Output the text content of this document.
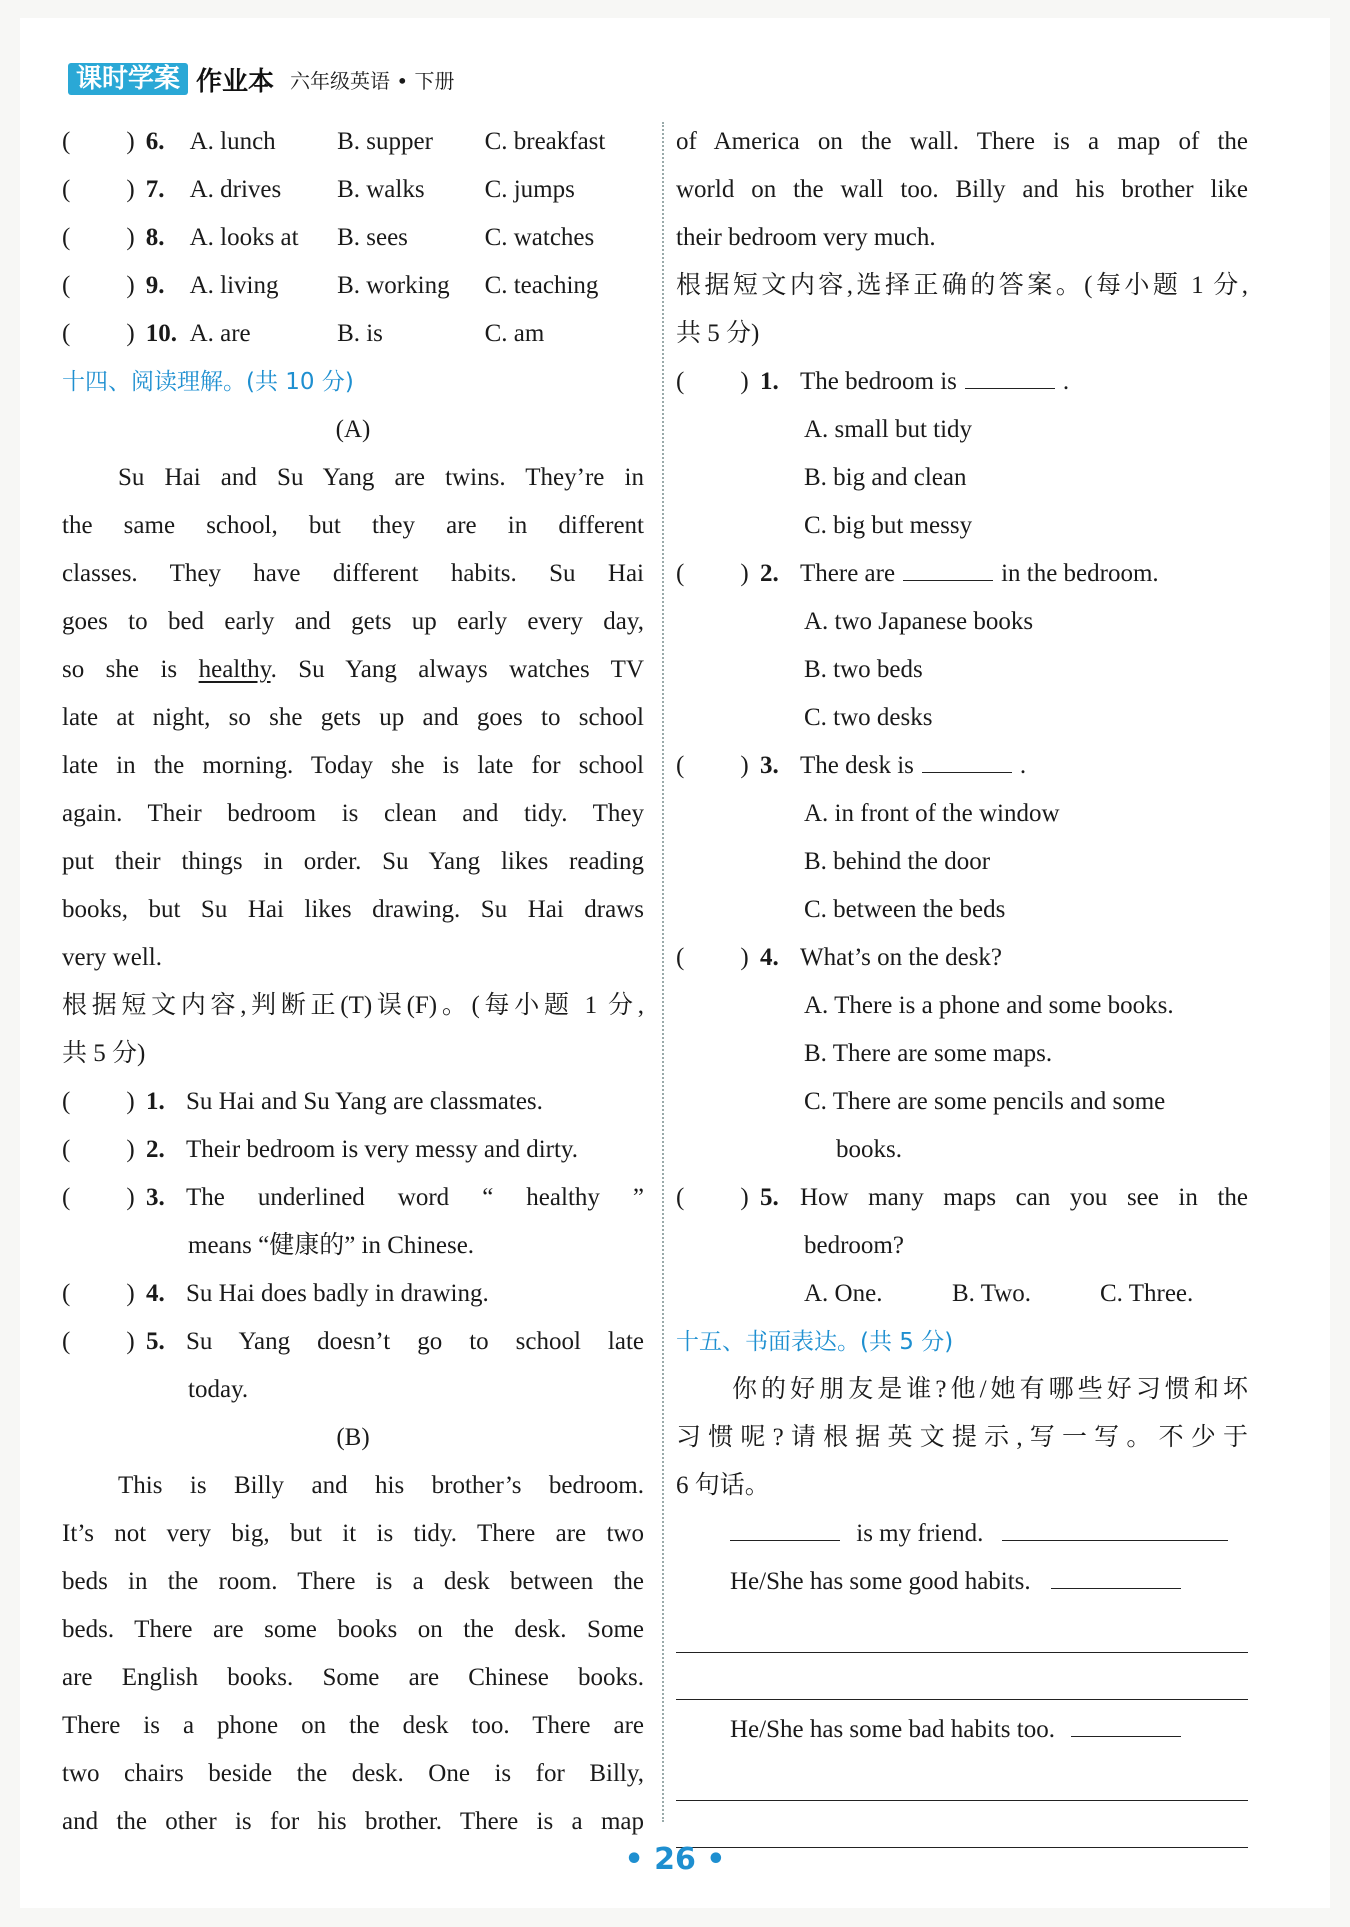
课时学案 作业本 六年级英语 • 下册
( ) 6.	A. lunch	B. supper	C. breakfast
( ) 7.	A. drives	B. walks	C. jumps
( ) 8.	A. looks at	B. sees	C. watches
( ) 9.	A. living	B. working	C. teaching
( ) 10. A. are	B. is	C. am
十四、阅读理解。(共 10 分)
(A)
Su Hai and Su Yang are twins. They’re in
the same school, but they are in different
classes. They have different habits. Su Hai
goes to bed early and gets up early every day,
so she is healthy. Su Yang always watches TV
late at night, so she gets up and goes to school
late in the morning. Today she is late for school
again. Their bedroom is clean and tidy. They
put their things in order. Su Yang likes reading
books, but Su Hai likes drawing. Su Hai draws
very well.
根据短文内容,判断正(T)误(F)。(每小题 1 分,
共 5 分)
( ) 1. Su Hai and Su Yang are classmates.
( ) 2. Their bedroom is very messy and dirty.
( ) 3. The underlined word “ healthy ”
means “健康的” in Chinese.
( ) 4. Su Hai does badly in drawing.
( ) 5. Su Yang doesn’t go to school late
today.
(B)
This is Billy and his brother’s bedroom.
It’s not very big, but it is tidy. There are two
beds in the room. There is a desk between the
beds. There are some books on the desk. Some
are English books. Some are Chinese books.
There is a phone on the desk too. There are
two chairs beside the desk. One is for Billy,
and the other is for his brother. There is a map
of America on the wall. There is a map of the
world on the wall too. Billy and his brother like
their bedroom very much.
根据短文内容,选择正确的答案。(每小题 1 分,
共 5 分)
( ) 1. The bedroom is	.
A. small but tidy
B. big and clean
C. big but messy
( ) 2. There are	in the bedroom.
A. two Japanese books
B. two beds
C. two desks
( ) 3. The desk is	.
A. in front of the window
B. behind the door
C. between the beds
( ) 4. What’s on the desk?
A. There is a phone and some books.
B. There are some maps.
C. There are some pencils and some
books.
( ) 5. How many maps can you see in the
bedroom?
A. One.	B. Two.	C. Three.
十五、书面表达。(共 5 分)
你的好朋友是谁?他/她有哪些好习惯和坏
习惯呢?请根据英文提示,写一写。不少于
6 句话。
is my friend.
He/She has some good habits.
He/She has some bad habits too.
• 26 •
